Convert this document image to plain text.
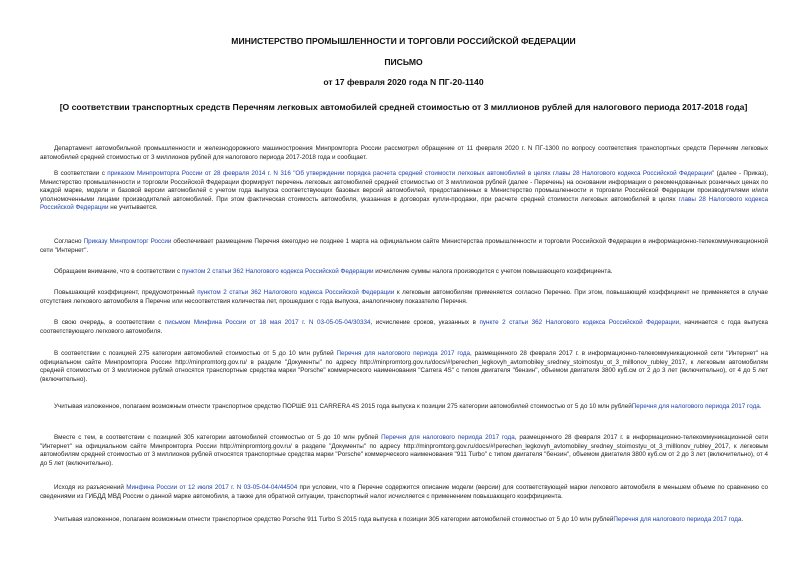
МИНИСТЕРСТВО ПРОМЫШЛЕННОСТИ И ТОРГОВЛИ РОССИЙСКОЙ ФЕДЕРАЦИИ
ПИСЬМО
от 17 февраля 2020 года N ПГ-20-1140
[О соответствии транспортных средств Перечням легковых автомобилей средней стоимостью от 3 миллионов рублей для налогового периода 2017-2018 года]
Департамент автомобильной промышленности и железнодорожного машиностроения Минпромторга России рассмотрел обращение от 11 февраля 2020 г. N ПГ-1300 по вопросу соответствия транспортных средств Перечням легковых автомобилей средней стоимостью от 3 миллионов рублей для налогового периода 2017-2018 года и сообщает.
В соответствии с приказом Минпромторга России от 28 февраля 2014 г. N 316 "Об утверждении порядка расчета средней стоимости легковых автомобилей в целях главы 28 Налогового кодекса Российской Федерации" (далее - Приказ), Министерство промышленности и торговли Российской Федерации формирует перечень легковых автомобилей средней стоимостью от 3 миллионов рублей (далее - Перечень) на основании информации о рекомендованных розничных ценах по каждой марке, модели и базовой версии автомобилей с учетом года выпуска соответствующих базовых версий автомобилей, предоставленных в Министерство промышленности и торговли Российской Федерации производителями и/или уполномоченными лицами производителей автомобилей. При этом фактическая стоимость автомобиля, указанная в договорах купли-продажи, при расчете средней стоимости легковых автомобилей в целях главы 28 Налогового кодекса Российской Федерации не учитывается.
Согласно Приказу Минпромторг России обеспечивает размещение Перечня ежегодно не позднее 1 марта на официальном сайте Министерства промышленности и торговли Российской Федерации в информационно-телекоммуникационной сети "Интернет".
Обращаем внимание, что в соответствии с пунктом 2 статьи 362 Налогового кодекса Российской Федерации исчисление суммы налога производится с учетом повышающего коэффициента.
Повышающий коэффициент, предусмотренный пунктом 2 статьи 362 Налогового кодекса Российской Федерации к легковым автомобилям применяется согласно Перечню. При этом, повышающий коэффициент не применяется в случае отсутствия легкового автомобиля в Перечне или несоответствия количества лет, прошедших с года выпуска, аналогичному показателю Перечня.
В свою очередь, в соответствии с письмом Минфина России от 18 мая 2017 г. N 03-05-05-04/30334, исчисление сроков, указанных в пункте 2 статьи 362 Налогового кодекса Российской Федерации, начинается с года выпуска соответствующего легкового автомобиля.
В соответствии с позицией 275 категории автомобилей стоимостью от 5 до 10 млн рублей Перечня для налогового периода 2017 года, размещенного 28 февраля 2017 г. в информационно-телекоммуникационной сети "Интернет" на официальном сайте Минпромторга России http://minpromtorg.gov.ru/ в разделе "Документы" по адресу http://minpromtorg.gov.ru/docs/#!perechen_legkovyh_avtomobiley_sredney_stoimostyu_ot_3_milllonov_rubley_2017, к легковым автомобилям средней стоимостью от 3 миллионов рублей относятся транспортные средства марки "Porsche" коммерческого наименования "Carrera 4S" с типом двигателя "бензин", объемом двигателя 3800 куб.см от 2 до 3 лет (включительно), от 4 до 5 лет (включительно).
Учитывая изложенное, полагаем возможным отнести транспортное средство ПОРШЕ 911 CARRERA 4S 2015 года выпуска к позиции 275 категории автомобилей стоимостью от 5 до 10 млн рублейПеречня для налогового периода 2017 года.
Вместе с тем, в соответствии с позицией 305 категории автомобилей стоимостью от 5 до 10 млн рублей Перечня для налогового периода 2017 года, размещенного 28 февраля 2017 г. в информационно-телекоммуникационной сети "Интернет" на официальном сайте Минпромторга России http://minpromtorg.gov.ru/ в разделе "Документы" по адресу http://minpromtorg.gov.ru/docs/#!perechen_legkovyh_avtomobiley_sredney_stoimostyu_ot_3_milllonov_rubley_2017, к легковым автомобилям средней стоимостью от 3 миллионов рублей относятся транспортные средства марки "Porsche" коммерческого наименования "911 Turbo" с типом двигателя "бензин", объемом двигателя 3800 куб.см от 2 до 3 лет (включительно), от 4 до 5 лет (включительно).
Исходя из разъяснений Минфина России от 12 июля 2017 г. N 03-05-04-04/44504 при условии, что в Перечне содержится описание модели (версии) для соответствующей марки легкового автомобиля в меньшем объеме по сравнению со сведениями из ГИБДД МВД России о данной марке автомобиля, а также для обратной ситуации, транспортный налог исчисляется с применением повышающего коэффициента.
Учитывая изложенное, полагаем возможным отнести транспортное средство Porsche 911 Turbo S 2015 года выпуска к позиции 305 категории автомобилей стоимостью от 5 до 10 млн рублейПеречня для налогового периода 2017 года.
